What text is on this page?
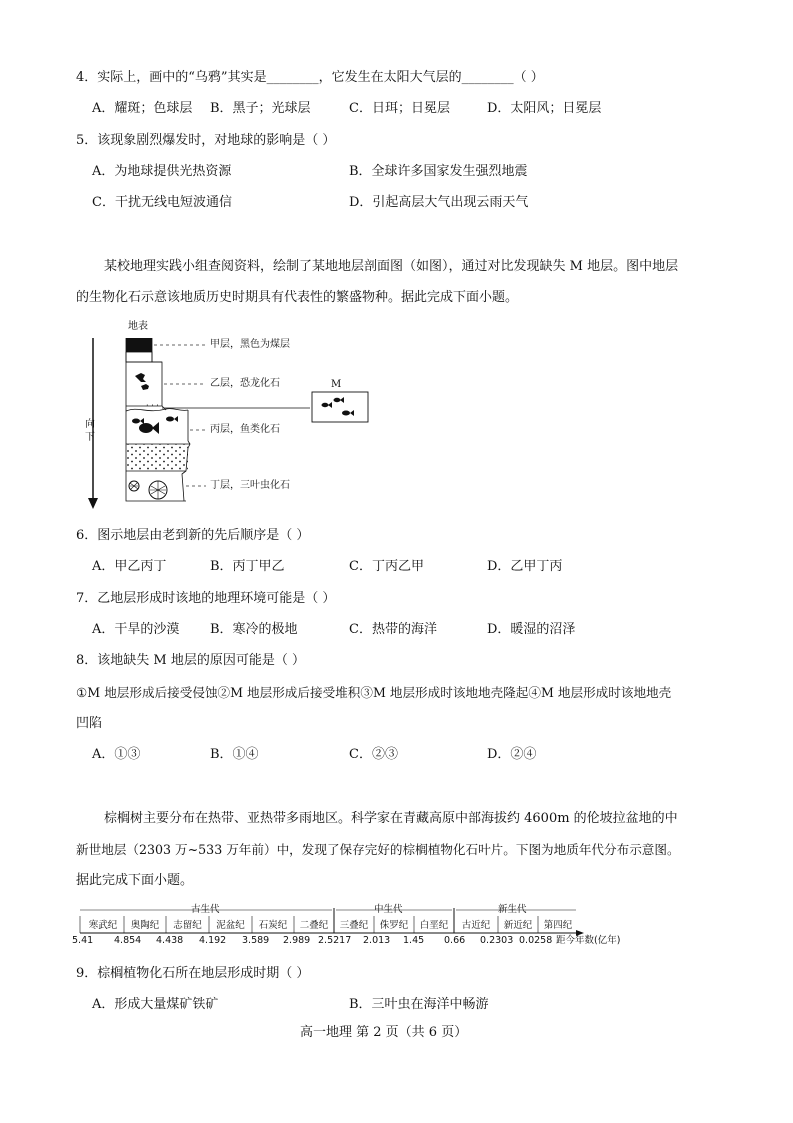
4．实际上，画中的“乌鸦”其实是________，它发生在太阳大气层的________（ ）
A．耀斑；色球层 B．黑子；光球层	C．日珥；日冕层	D．太阳风；日冕层
5．该现象剧烈爆发时，对地球的影响是（ ）
A．为地球提供光热资源	B．全球许多国家发生强烈地震
C．干扰无线电短波通信	D．引起高层大气出现云雨天气
某校地理实践小组查阅资料，绘制了某地地层剖面图（如图），通过对比发现缺失 M 地层。图中地层
的生物化石示意该地质历史时期具有代表性的繁盛物种。据此完成下面小题。
· · ·
地表
向下
甲层，黑色为煤层
乙层，恐龙化石
丙层，鱼类化石
丁层，三叶虫化石
M
6．图示地层由老到新的先后顺序是（ ）
A．甲乙丙丁	B．丙丁甲乙	C．丁丙乙甲	D．乙甲丁丙
7．乙地层形成时该地的地理环境可能是（ ）
A．干旱的沙漠 B．寒冷的极地	C．热带的海洋	D．暖湿的沼泽
8．该地缺失 M 地层的原因可能是（ ）
①M 地层形成后接受侵蚀②M 地层形成后接受堆积③M 地层形成时该地地壳隆起④M 地层形成时该地地壳
凹陷
A．①③	B．①④	C．②③	D．②④
棕榈树主要分布在热带、亚热带多雨地区。科学家在青藏高原中部海拔约 4600m 的伦坡拉盆地的中
新世地层（2303 万~533 万年前）中，发现了保存完好的棕榈植物化石叶片。下图为地质年代分布示意图。
据此完成下面小题。
古生代	中生代	新生代
寒武纪	奥陶纪	志留纪	泥盆纪	石炭纪	二叠纪	三叠纪	侏罗纪	白垩纪	古近纪	新近纪	第四纪
5.41 4.854 4.438 4.192 3.589 2.989 2.5217 2.013 1.45 0.66 0.2303 0.0258 距今年数(亿年)
9．棕榈植物化石所在地层形成时期（ ）
A．形成大量煤矿铁矿	B．三叶虫在海洋中畅游
高一地理 第 2 页（共 6 页）
